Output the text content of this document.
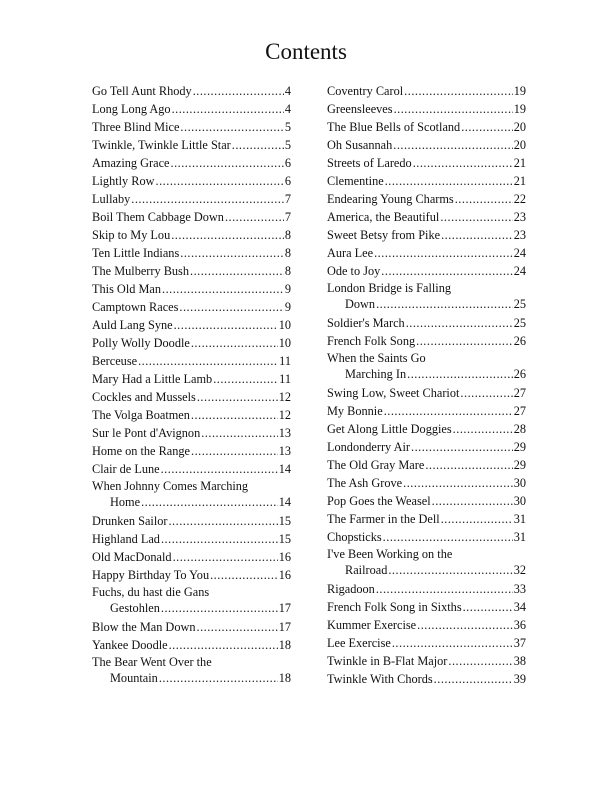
Contents
Go Tell Aunt Rhody .....	4
Long Long Ago .....	4
Three Blind Mice .....	5
Twinkle, Twinkle Little Star .....	5
Amazing Grace .....	6
Lightly Row .....	6
Lullaby .....	7
Boil Them Cabbage Down .....	7
Skip to My Lou .....	8
Ten Little Indians .....	8
The Mulberry Bush .....	8
This Old Man .....	9
Camptown Races .....	9
Auld Lang Syne .....	10
Polly Wolly Doodle .....	10
Berceuse .....	11
Mary Had a Little Lamb .....	11
Cockles and Mussels .....	12
The Volga Boatmen .....	12
Sur le Pont d'Avignon .....	13
Home on the Range .....	13
Clair de Lune .....	14
When Johnny Comes Marching
Home .....	14
Drunken Sailor .....	15
Highland Lad .....	15
Old MacDonald .....	16
Happy Birthday To You .....	16
Fuchs, du hast die Gans
Gestohlen .....	17
Blow the Man Down .....	17
Yankee Doodle .....	18
The Bear Went Over the
Mountain .....	18
Coventry Carol .....	19
Greensleeves .....	19
The Blue Bells of Scotland .....	20
Oh Susannah .....	20
Streets of Laredo .....	21
Clementine .....	21
Endearing Young Charms .....	22
America, the Beautiful .....	23
Sweet Betsy from Pike .....	23
Aura Lee .....	24
Ode to Joy .....	24
London Bridge is Falling
Down .....	25
Soldier's March .....	25
French Folk Song .....	26
When the Saints Go
Marching In .....	26
Swing Low, Sweet Chariot .....	27
My Bonnie .....	27
Get Along Little Doggies .....	28
Londonderry Air .....	29
The Old Gray Mare .....	29
The Ash Grove .....	30
Pop Goes the Weasel .....	30
The Farmer in the Dell .....	31
Chopsticks .....	31
I've Been Working on the
Railroad .....	32
Rigadoon .....	33
French Folk Song in Sixths .....	34
Kummer Exercise .....	36
Lee Exercise .....	37
Twinkle in B-Flat Major .....	38
Twinkle With Chords .....	39
